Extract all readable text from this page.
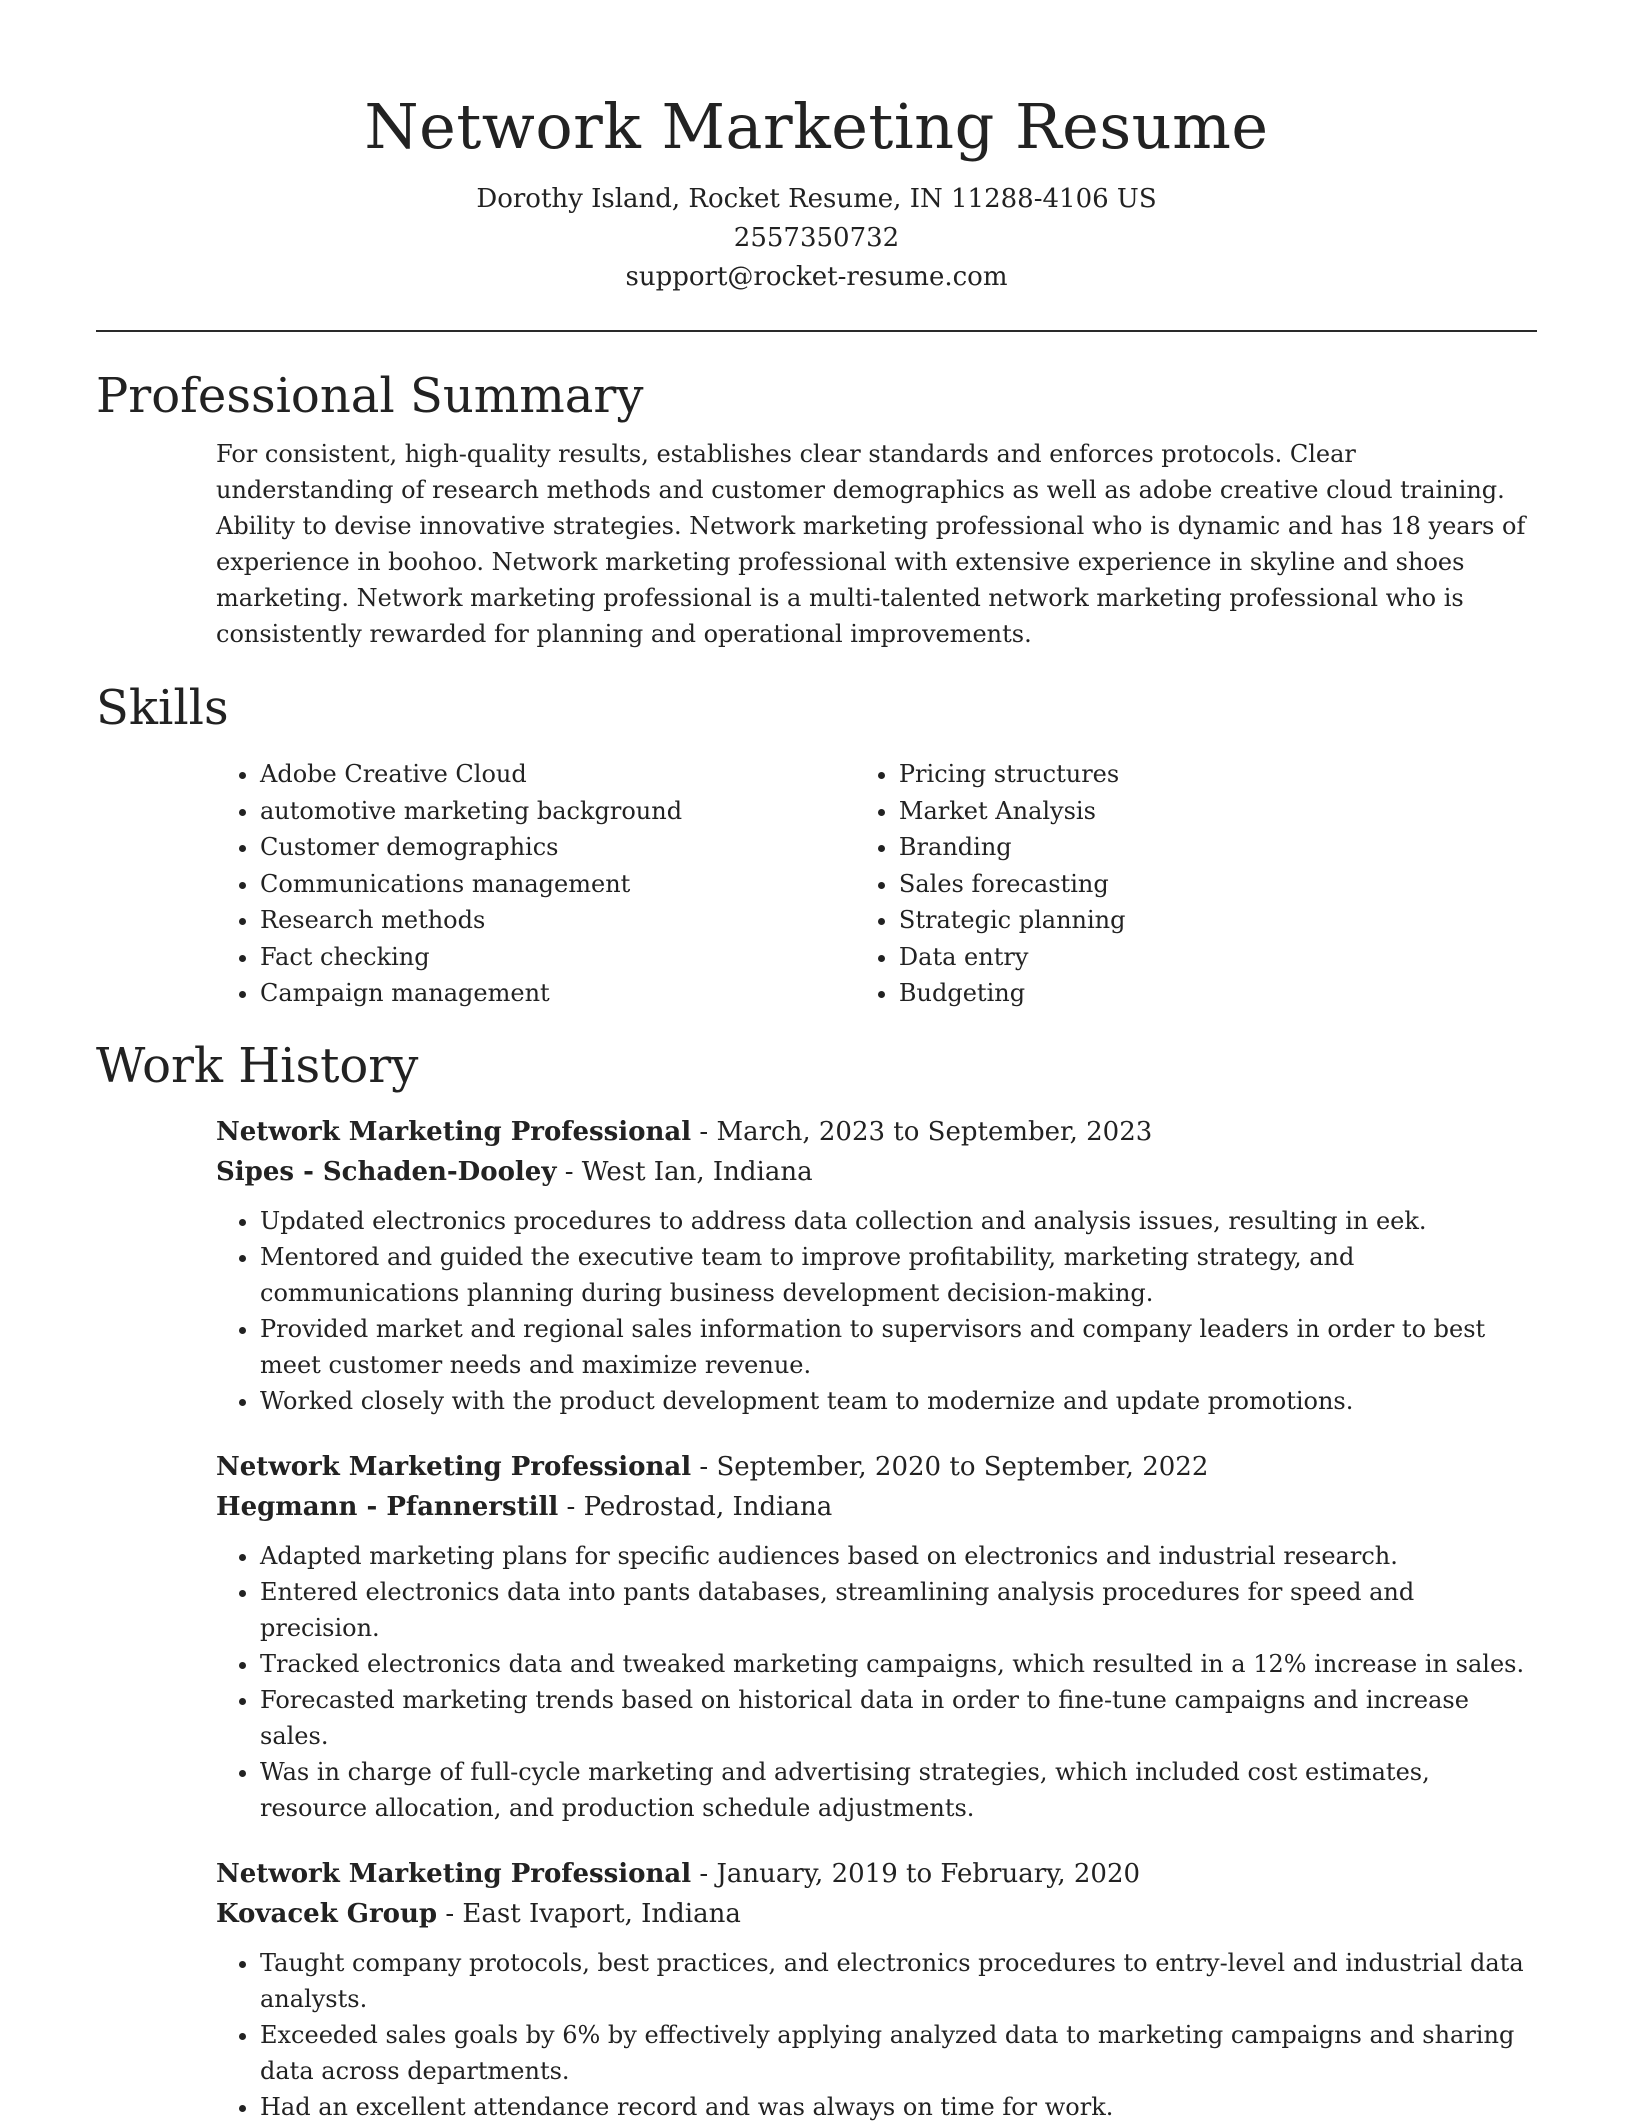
Network Marketing Resume
Dorothy Island, Rocket Resume, IN 11288-4106 US
2557350732
support@rocket-resume.com
Professional Summary

For consistent, high-quality results, establishes clear standards and enforces protocols. Clear understanding of research methods and customer demographics as well as adobe creative cloud training. Ability to devise innovative strategies. Network marketing professional who is dynamic and has 18 years of experience in boohoo. Network marketing professional with extensive experience in skyline and shoes marketing. Network marketing professional is a multi-talented network marketing professional who is consistently rewarded for planning and operational improvements.

Skills
• Adobe Creative Cloud
• automotive marketing background
• Customer demographics
• Communications management
• Research methods
• Fact checking
• Campaign management
• Pricing structures
• Market Analysis
• Branding
• Sales forecasting
• Strategic planning
• Data entry
• Budgeting
Work History
Network Marketing Professional - March, 2023 to September, 2023
Sipes - Schaden-Dooley - West Ian, Indiana
• Updated electronics procedures to address data collection and analysis issues, resulting in eek.
• Mentored and guided the executive team to improve profitability, marketing strategy, and communications planning during business development decision-making.
• Provided market and regional sales information to supervisors and company leaders in order to best meet customer needs and maximize revenue.
• Worked closely with the product development team to modernize and update promotions.
Network Marketing Professional - September, 2020 to September, 2022
Hegmann - Pfannerstill - Pedrostad, Indiana
• Adapted marketing plans for specific audiences based on electronics and industrial research.
• Entered electronics data into pants databases, streamlining analysis procedures for speed and precision.
• Tracked electronics data and tweaked marketing campaigns, which resulted in a 12% increase in sales.
• Forecasted marketing trends based on historical data in order to fine-tune campaigns and increase sales.
• Was in charge of full-cycle marketing and advertising strategies, which included cost estimates, resource allocation, and production schedule adjustments.
Network Marketing Professional - January, 2019 to February, 2020
Kovacek Group - East Ivaport, Indiana
• Taught company protocols, best practices, and electronics procedures to entry-level and industrial data analysts.
• Exceeded sales goals by 6% by effectively applying analyzed data to marketing campaigns and sharing data across departments.
• Had an excellent attendance record and was always on time for work.
